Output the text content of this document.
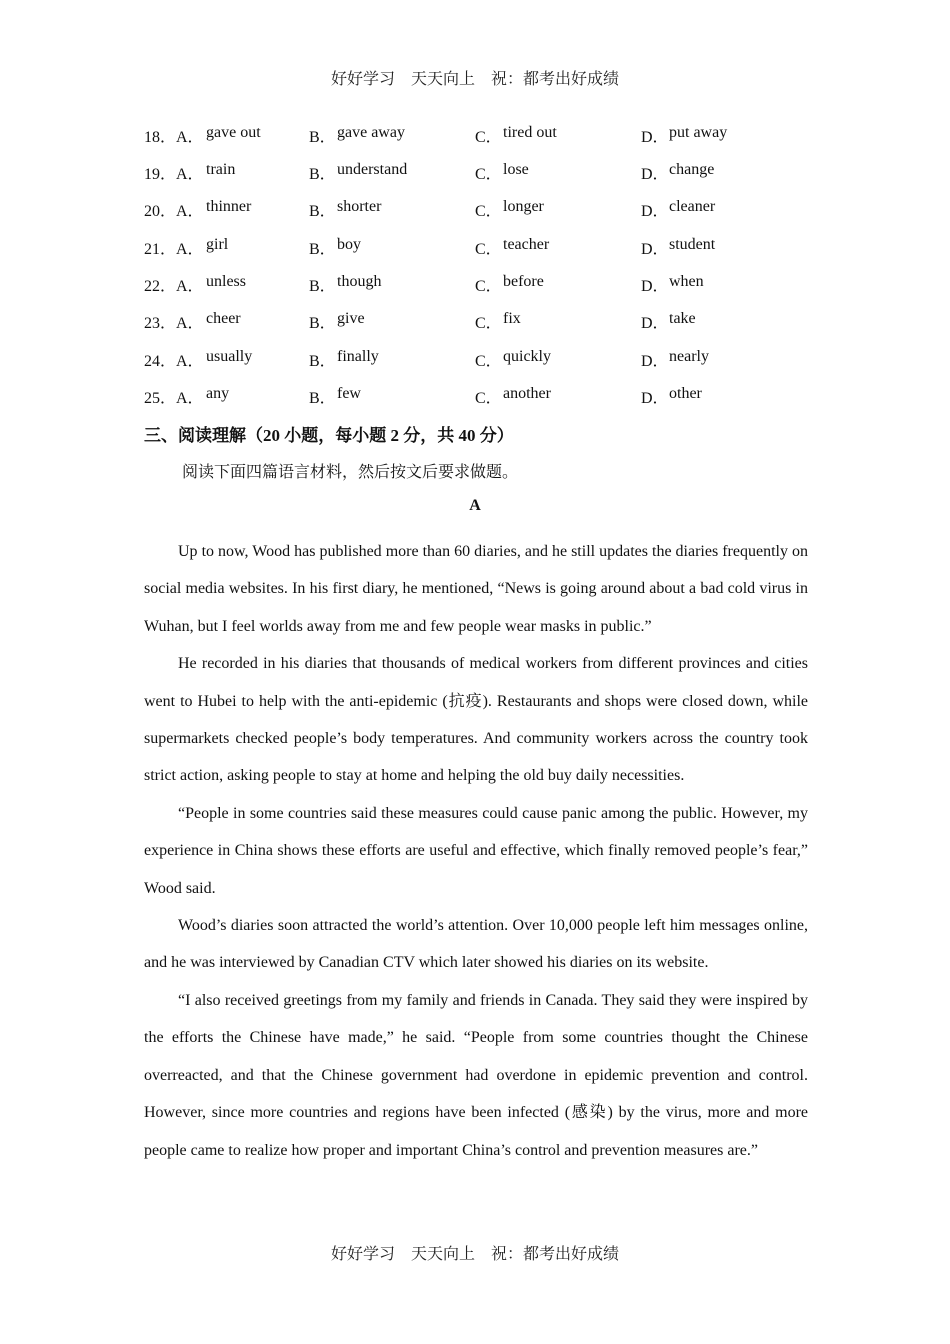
好好学习　天天向上　祝：都考出好成绩
18．A． gave out	B． gave away	C． tired out	D． put away
19．A． train	B． understand	C． lose	D． change
20．A． thinner	B． shorter	C． longer	D． cleaner
21．A． girl	B． boy	C． teacher	D． student
22．A． unless	B． though	C． before	D． when
23．A． cheer	B． give	C． fix	D． take
24．A． usually	B． finally	C． quickly	D． nearly
25．A． any	B． few	C． another	D． other
三、阅读理解（20 小题，每小题 2 分，共 40 分）
阅读下面四篇语言材料，然后按文后要求做题。
A

Up to now, Wood has published more than 60 diaries, and he still updates the diaries frequently on social media websites. In his first diary, he mentioned, “News is going around about a bad cold virus in Wuhan, but I feel worlds away from me and few people wear masks in public.”

He recorded in his diaries that thousands of medical workers from different provinces and cities went to Hubei to help with the anti-epidemic (抗疫). Restaurants and shops were closed down, while supermarkets checked people’s body temperatures. And community workers across the country took strict action, asking people to stay at home and helping the old buy daily necessities.

“People in some countries said these measures could cause panic among the public. However, my experience in China shows these efforts are useful and effective, which finally removed people’s fear,” Wood said.

Wood’s diaries soon attracted the world’s attention. Over 10,000 people left him messages online, and he was interviewed by Canadian CTV which later showed his diaries on its website.

“I also received greetings from my family and friends in Canada. They said they were inspired by the efforts the Chinese have made,” he said. “People from some countries thought the Chinese overreacted, and that the Chinese government had overdone in epidemic prevention and control. However, since more countries and regions have been infected (感染) by the virus, more and more people came to realize how proper and important China’s control and prevention measures are.”

好好学习　天天向上　祝：都考出好成绩
